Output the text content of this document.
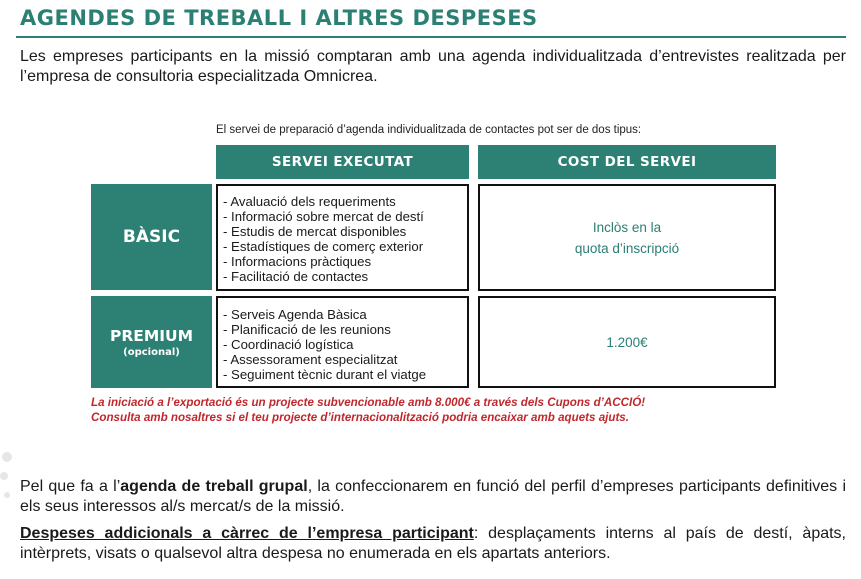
AGENDES DE TREBALL I ALTRES DESPESES
Les empreses participants en la missió comptaran amb una agenda individualitzada d’entrevistes realitzada per l’empresa de consultoria especialitzada Omnicrea.
El servei de preparació d’agenda individualitzada de contactes pot ser de dos tipus:
SERVEI EXECUTAT	COST DEL SERVEI
BÀSIC
- Avaluació dels requeriments
- Informació sobre mercat de destí
- Estudis de mercat disponibles
- Estadístiques de comerç exterior
- Informacions pràctiques
- Facilitació de contactes
Inclòs en la
quota d’inscripció
PREMIUM
(opcional)
- Serveis Agenda Bàsica
- Planificació de les reunions
- Coordinació logística
- Assessorament especialitzat
- Seguiment tècnic durant el viatge
1.200€
La iniciació a l’exportació és un projecte subvencionable amb 8.000€ a través dels Cupons d’ACCIÓ!
Consulta amb nosaltres si el teu projecte d’internacionalització podria encaixar amb aquets ajuts.
Pel que fa a l’agenda de treball grupal, la confeccionarem en funció del perfil d’empreses participants definitives i els seus interessos al/s mercat/s de la missió.
Despeses addicionals a càrrec de l’empresa participant: desplaçaments interns al país de destí, àpats, intèrprets, visats o qualsevol altra despesa no enumerada en els apartats anteriors.
